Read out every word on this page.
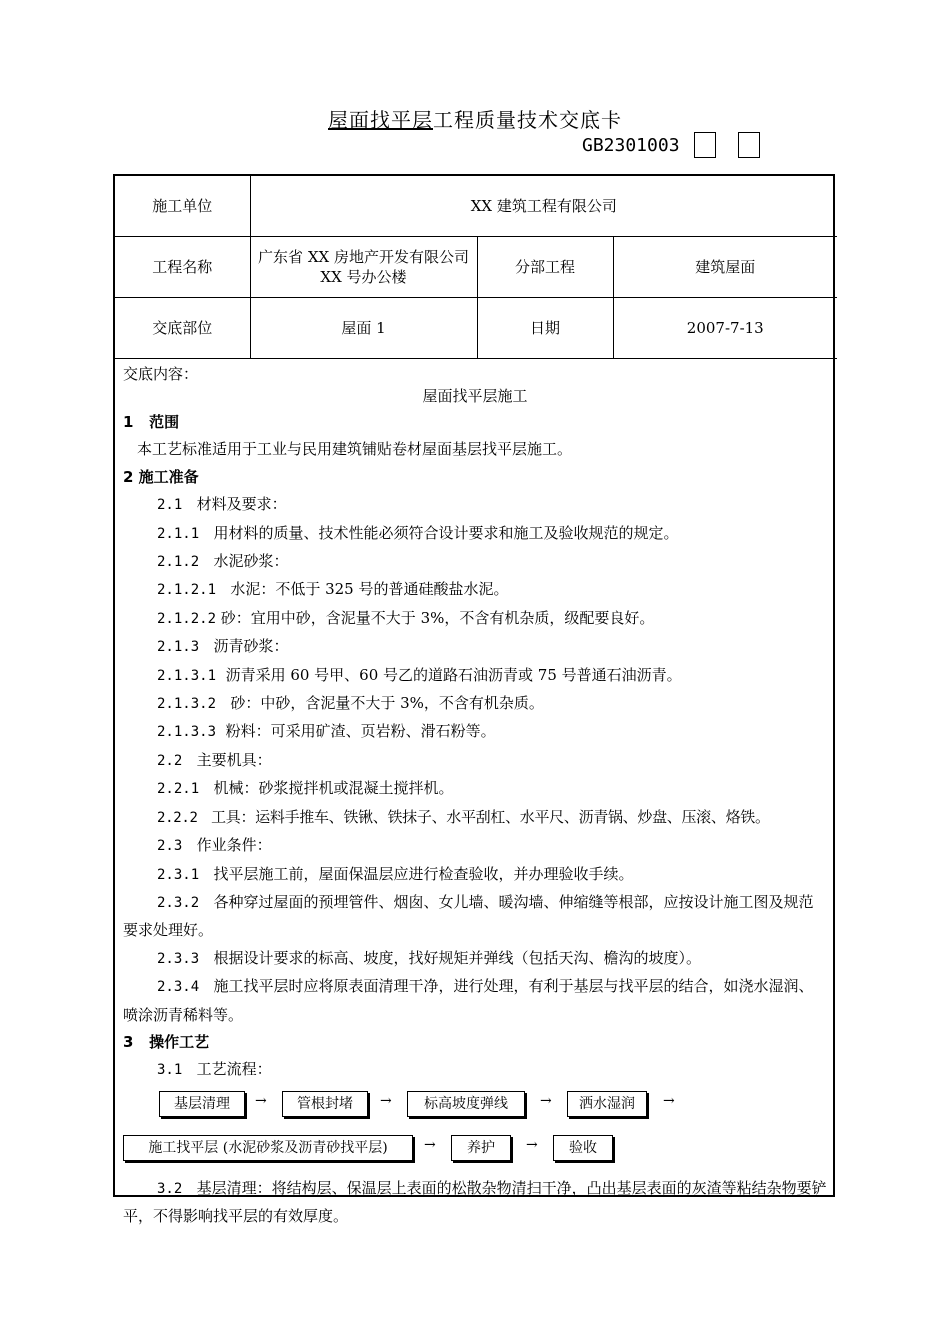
屋面找平层工程质量技术交底卡
GB2301003
施工单位	XX 建筑工程有限公司		
工程名称	广东省 XX 房地产开发有限公司 XX 号办公楼	分部工程	建筑屋面
交底部位	屋面 1	日期	2007-7-13
交底内容：
屋面找平层施工
1 范围
本工艺标准适用于工业与民用建筑铺贴卷材屋面基层找平层施工。
2 施工准备
2.1 材料及要求：
2.1.1 用材料的质量、技术性能必须符合设计要求和施工及验收规范的规定。
2.1.2 水泥砂浆：
2.1.2.1 水泥：不低于 325 号的普通硅酸盐水泥。
2.1.2.2 砂：宜用中砂，含泥量不大于 3%，不含有机杂质，级配要良好。
2.1.3 沥青砂浆：
2.1.3.1 沥青采用 60 号甲、60 号乙的道路石油沥青或 75 号普通石油沥青。
2.1.3.2 砂：中砂，含泥量不大于 3%，不含有机杂质。
2.1.3.3 粉料：可采用矿渣、页岩粉、滑石粉等。
2.2 主要机具：
2.2.1 机械：砂浆搅拌机或混凝土搅拌机。
2.2.2 工具：运料手推车、铁锹、铁抹子、水平刮杠、水平尺、沥青锅、炒盘、压滚、烙铁。
2.3 作业条件：
2.3.1 找平层施工前，屋面保温层应进行检查验收，并办理验收手续。
2.3.2 各种穿过屋面的预埋管件、烟囱、女儿墙、暖沟墙、伸缩缝等根部，应按设计施工图及规范要求处理好。
2.3.3 根据设计要求的标高、坡度，找好规矩并弹线（包括天沟、檐沟的坡度）。
2.3.4 施工找平层时应将原表面清理干净，进行处理，有利于基层与找平层的结合，如浇水湿润、喷涂沥青稀料等。
3 操作工艺
3.1 工艺流程：
基层清理	→	管根封堵	→	标高坡度弹线	→	洒水湿润	→
施工找平层 (水泥砂浆及沥青砂找平层)	→	养护	→	验收
3.2 基层清理：将结构层、保温层上表面的松散杂物清扫干净，凸出基层表面的灰渣等粘结杂物要铲平，不得影响找平层的有效厚度。
